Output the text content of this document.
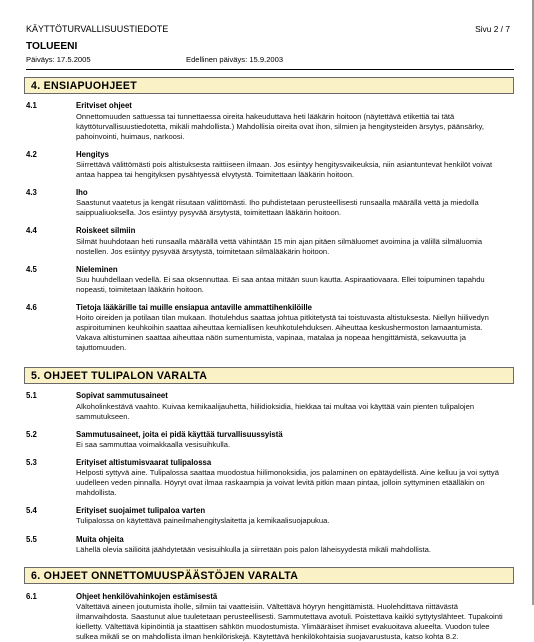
KÄYTTÖTURVALLISUUSTIEDOTE	Sivu 2 / 7
TOLUEENI
Päiväys: 17.5.2005	Edellinen päiväys: 15.9.2003
4. ENSIAPUOHJEET
4.1	Eritviset ohjeet
Onnettomuuden sattuessa tai tunnettaessa oireita hakeuduttava heti lääkärin hoitoon (näytettävä etikettiä tai tätä käyttöturvallisuustiedotetta, mikäli mahdollista.) Mahdollisia oireita ovat ihon, silmien ja hengitysteiden ärsytys, päänsärky, pahoinvointi, huimaus, narkoosi.
4.2	Hengitys
Siirrettävä välittömästi pois altistuksesta raittiiseen ilmaan. Jos esiintyy hengitysvaikeuksia, niin asiantuntevat henkilöt voivat antaa happea tai hengityksen pysähtyessä elvytystä. Toimitettaan lääkärin hoitoon.
4.3	Iho
Saastunut vaatetus ja kengät riisutaan välittömästi. Iho puhdistetaan perusteellisesti runsaalla määrällä vettä ja miedolla saippualiuoksella. Jos esiintyy pysyvää ärsytystä, toimitettaan lääkärin hoitoon.
4.4	Roiskeet silmiin
Silmät huuhdotaan heti runsaalla määrällä vettä vähintään 15 min ajan pitäen silmäluomet avoimina ja välillä silmäluomia nostellen. Jos esiintyy pysyvää ärsytystä, toimitetaan silmälääkärin hoitoon.
4.5	Nieleminen
Suu huuhdellaan vedellä. Ei saa oksennuttaa. Ei saa antaa mitään suun kautta. Aspiraatiovaara. Ellei toipuminen tapahdu nopeasti, toimitetaan lääkärin hoitoon.
4.6	Tietoja lääkärille tai muille ensiapua antaville ammattihenkilöille
Hoito oireiden ja potilaan tilan mukaan. Ihotulehdus saattaa johtua pitkitetystä tai toistuvasta altistuksesta. Niellyn hiilivedyn aspiroituminen keuhkoihin saattaa aiheuttaa kemiallisen keuhkotulehduksen. Aiheuttaa keskushermoston lamaantumista. Vakava altistuminen saattaa aiheuttaa näön sumentumista, vapinaa, matalaa ja nopeaa hengittämistä, sekavuutta ja tajuttomuuden.
5. OHJEET TULIPALON VARALTA
5.1	Sopivat sammutusaineet
Alkoholinkestävä vaahto. Kuivaa kemikaalijauhetta, hiilidioksidia, hiekkaa tai multaa voi käyttää vain pienten tulipalojen sammutukseen.
5.2	Sammutusaineet, joita ei pidä käyttää turvallisuussyistä
Ei saa sammuttaa voimakkaalla vesisuihkulla.
5.3	Erityiset altistumisvaarat tulipalossa
Helposti syttyvä aine. Tulipalossa saattaa muodostua hiilimonoksidia, jos palaminen on epätäydellistä. Aine kelluu ja voi syttyä uudelleen veden pinnalla. Höyryt ovat ilmaa raskaampia ja voivat levitä pitkin maan pintaa, jolloin syttyminen etäälläkin on mahdollista.
5.4	Erityiset suojaimet tulipaloa varten
Tulipalossa on käytettävä paineilmahengityslaitetta ja kemikaalisuojapukua.
5.5	Muita ohjeita
Lähellä olevia säiliöitä jäähdytetään vesisuihkulla ja siirretään pois palon läheisyydestä mikäli mahdollista.
6. OHJEET ONNETTOMUUSPÄÄSTÖJEN VARALTA
6.1	Ohjeet henkilövahinkojen estämisestä
Vältettävä aineen joutumista iholle, silmiin tai vaatteisiin. Vältettävä höyryn hengittämistä. Huolehdittava riittävästä ilmanvaihdosta. Saastunut alue tuuletetaan perusteellisesti. Sammutettava avotuli. Poistettava kaikki syttytyslähteet. Tupakointi kielletty. Vältettävä kipinöintiä ja staattisen sähkön muodostumista. Ylimääräiset ihmiset evakuoitava alueelta. Vuodon tulee sulkea mikäli se on mahdollista ilman henkilöriskejä. Käytettävä henkilökohtaisia suojavarustusta, katso kohta 8.2.
